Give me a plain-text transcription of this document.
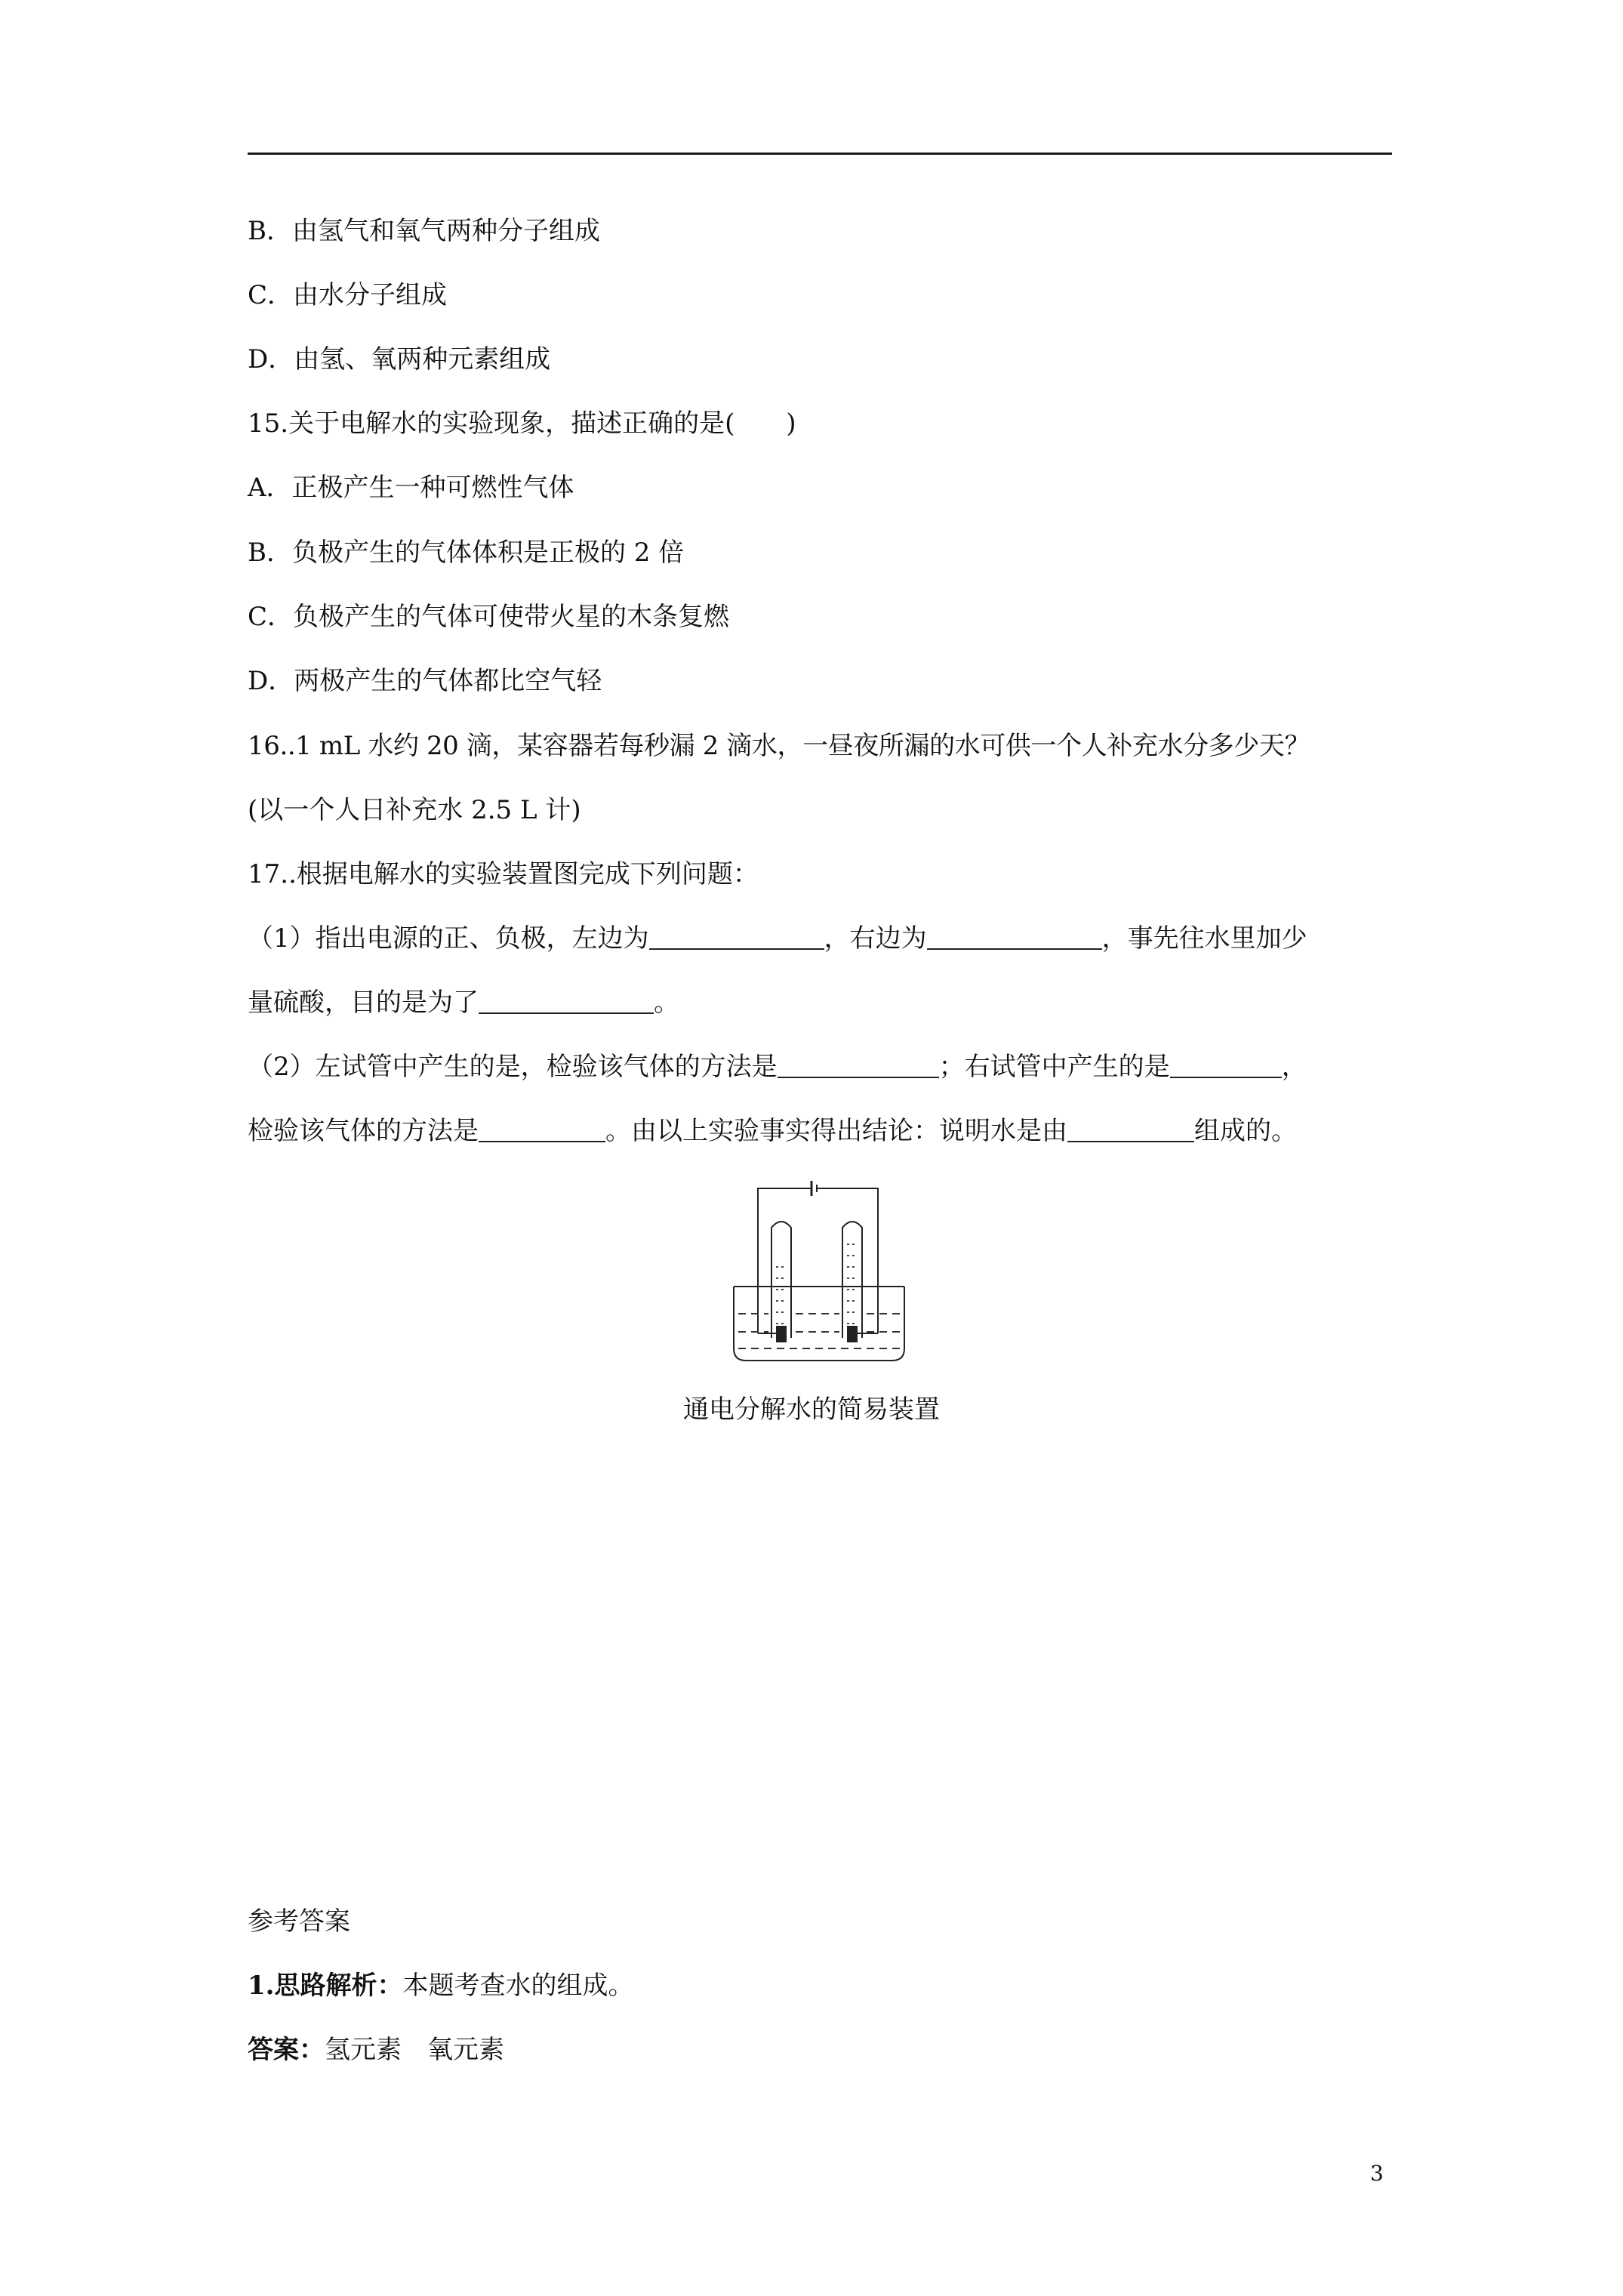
B．由氢气和氧气两种分子组成
C．由水分子组成
D．由氢、氧两种元素组成
15.关于电解水的实验现象，描述正确的是(　　)
A．正极产生一种可燃性气体
B．负极产生的气体体积是正极的 2 倍
C．负极产生的气体可使带火星的木条复燃
D．两极产生的气体都比空气轻
16..1 mL 水约 20 滴，某容器若每秒漏 2 滴水，一昼夜所漏的水可供一个人补充水分多少天？
(以一个人日补充水 2.5 L 计)
17..根据电解水的实验装置图完成下列问题：
（1）指出电源的正、负极，左边为	，右边为	，事先往水里加少
量硫酸，目的是为了	。
（2）左试管中产生的是，检验该气体的方法是	；右试管中产生的是	，
检验该气体的方法是	。由以上实验事实得出结论：说明水是由	组成的。
通电分解水的简易装置
参考答案
1.思路解析：本题考查水的组成。
答案：氢元素　氧元素
3
